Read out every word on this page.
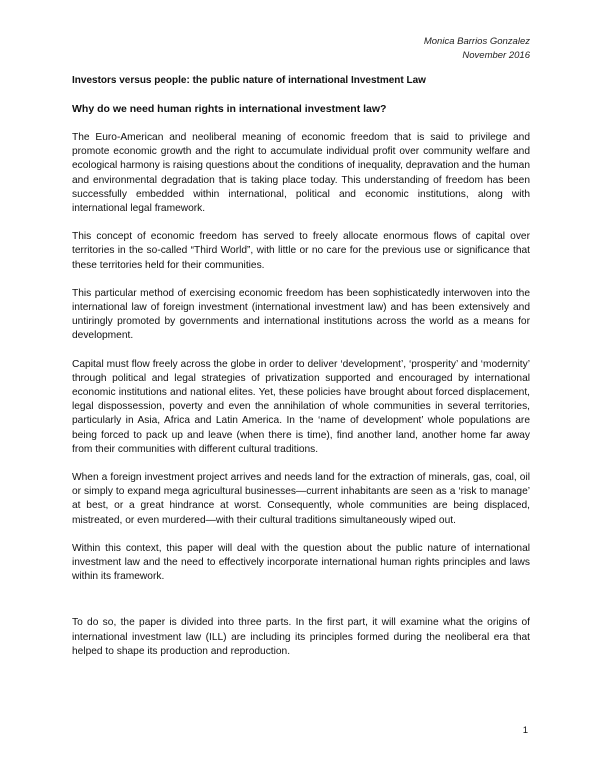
Monica Barrios Gonzalez
November 2016
Investors versus people: the public nature of international Investment Law
Why do we need human rights in international investment law?

The Euro-American and neoliberal meaning of economic freedom that is said to privilege and promote economic growth and the right to accumulate individual profit over community welfare and ecological harmony is raising questions about the conditions of inequality, depravation and the human and environmental degradation that is taking place today. This understanding of freedom has been successfully embedded within international, political and economic institutions, along with international legal framework.

This concept of economic freedom has served to freely allocate enormous flows of capital over territories in the so-called “Third World”, with little or no care for the previous use or significance that these territories held for their communities.

This particular method of exercising economic freedom has been sophisticatedly interwoven into the international law of foreign investment (international investment law) and has been extensively and untiringly promoted by governments and international institutions across the world as a means for development.

Capital must flow freely across the globe in order to deliver ‘development’, ‘prosperity’ and ‘modernity’ through political and legal strategies of privatization supported and encouraged by international economic institutions and national elites. Yet, these policies have brought about forced displacement, legal dispossession, poverty and even the annihilation of whole communities in several territories, particularly in Asia, Africa and Latin America. In the ‘name of development’ whole populations are being forced to pack up and leave (when there is time), find another land, another home far away from their communities with different cultural traditions.

When a foreign investment project arrives and needs land for the extraction of minerals, gas, coal, oil or simply to expand mega agricultural businesses—current inhabitants are seen as a ‘risk to manage’ at best, or a great hindrance at worst. Consequently, whole communities are being displaced, mistreated, or even murdered—with their cultural traditions simultaneously wiped out.

Within this context, this paper will deal with the question about the public nature of international investment law and the need to effectively incorporate international human rights principles and laws within its framework.

To do so, the paper is divided into three parts. In the first part, it will examine what the origins of international investment law (ILL) are including its principles formed during the neoliberal era that helped to shape its production and reproduction.

1
